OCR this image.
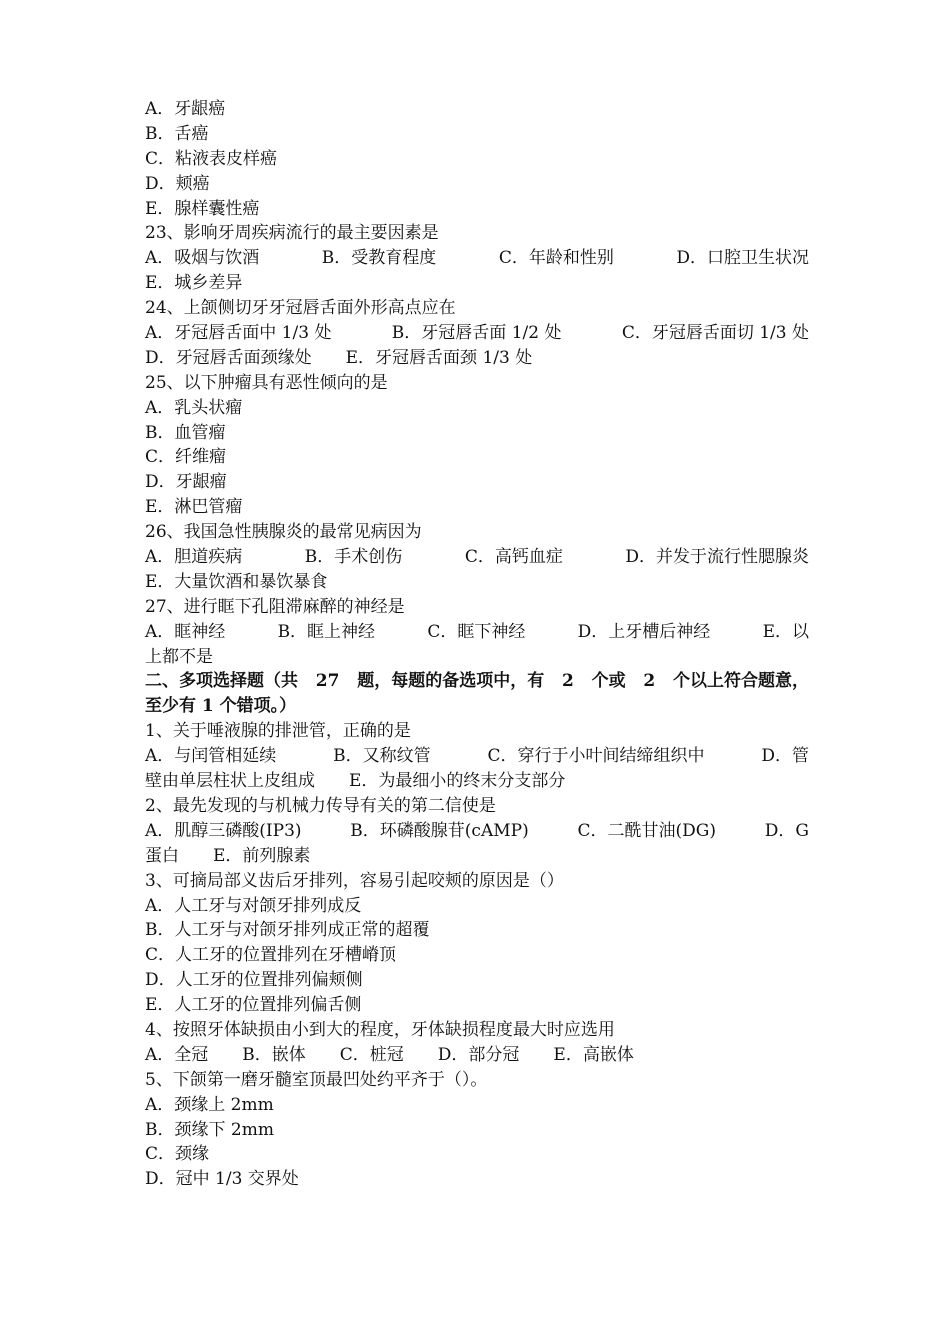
A．牙龈癌
B．舌癌
C．粘液表皮样癌
D．颊癌
E．腺样囊性癌
23、影响牙周疾病流行的最主要因素是
A．吸烟与饮酒	B．受教育程度	C．年龄和性别	D．口腔卫生状况
E．城乡差异
24、上颌侧切牙牙冠唇舌面外形高点应在
A．牙冠唇舌面中 1/3 处	B．牙冠唇舌面 1/2 处	C．牙冠唇舌面切 1/3 处
D．牙冠唇舌面颈缘处　　E．牙冠唇舌面颈 1/3 处
25、以下肿瘤具有恶性倾向的是
A．乳头状瘤
B．血管瘤
C．纤维瘤
D．牙龈瘤
E．淋巴管瘤
26、我国急性胰腺炎的最常见病因为
A．胆道疾病	B．手术创伤	C．高钙血症	D．并发于流行性腮腺炎
E．大量饮酒和暴饮暴食
27、进行眶下孔阻滞麻醉的神经是
A．眶神经	B．眶上神经	C．眶下神经	D．上牙槽后神经	E．以
上都不是
二、多项选择题（共 27 题，每题的备选项中，有 2 个或 2 个以上符合题意，
至少有 1 个错项。）
1、关于唾液腺的排泄管，正确的是
A．与闰管相延续	B．又称纹管	C．穿行于小叶间结缔组织中	D．管
壁由单层柱状上皮组成　　E．为最细小的终末分支部分
2、最先发现的与机械力传导有关的第二信使是
A．肌醇三磷酸(IP3)	B．环磷酸腺苷(cAMP)	C．二酰甘油(DG)	D．G
蛋白　　E．前列腺素
3、可摘局部义齿后牙排列，容易引起咬颊的原因是（）
A．人工牙与对颌牙排列成反
B．人工牙与对颌牙排列成正常的超覆
C．人工牙的位置排列在牙槽嵴顶
D．人工牙的位置排列偏颊侧
E．人工牙的位置排列偏舌侧
4、按照牙体缺损由小到大的程度，牙体缺损程度最大时应选用
A．全冠　　B．嵌体　　C．桩冠　　D．部分冠　　E．高嵌体
5、下颌第一磨牙髓室顶最凹处约平齐于（）。
A．颈缘上 2mm
B．颈缘下 2mm
C．颈缘
D．冠中 1/3 交界处
